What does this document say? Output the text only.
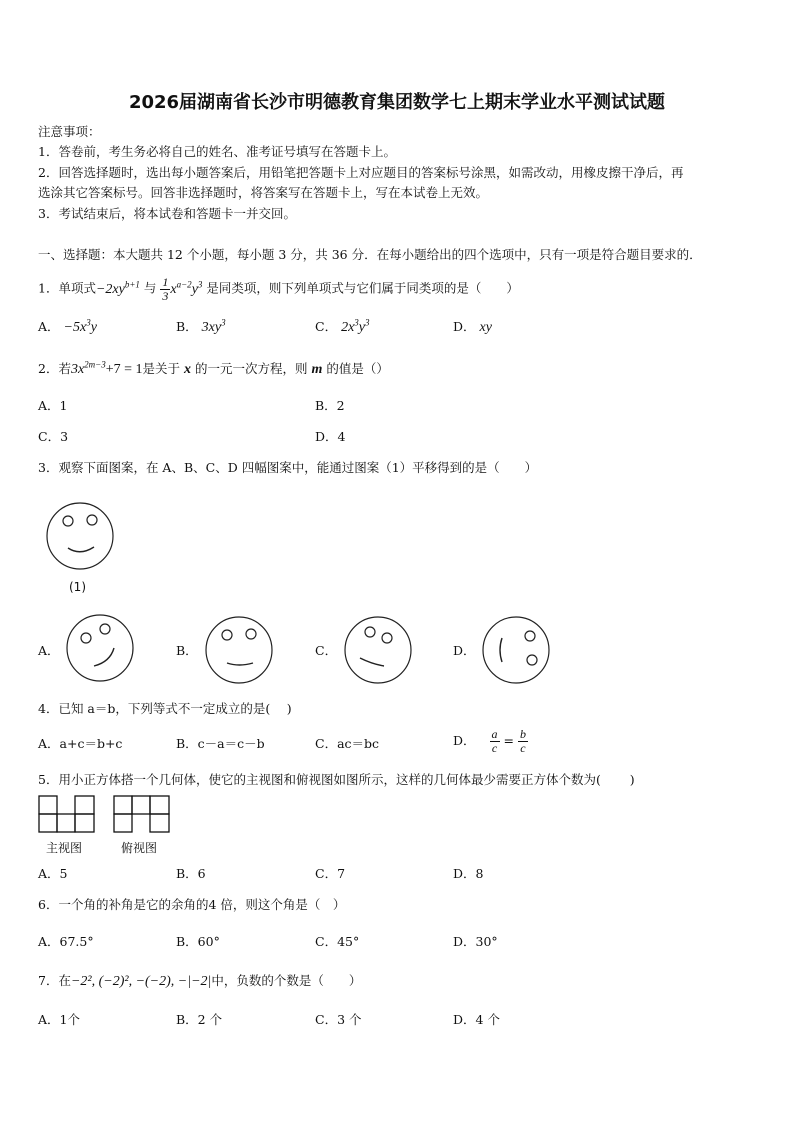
2026届湖南省长沙市明德教育集团数学七上期末学业水平测试试题
注意事项：
1．答卷前，考生务必将自己的姓名、准考证号填写在答题卡上。
2．回答选择题时，选出每小题答案后，用铅笔把答题卡上对应题目的答案标号涂黑，如需改动，用橡皮擦干净后，再
选涂其它答案标号。回答非选择题时，将答案写在答题卡上，写在本试卷上无效。
3．考试结束后，将本试卷和答题卡一并交回。
一、选择题：本大题共 12 个小题，每小题 3 分，共 36 分．在每小题给出的四个选项中，只有一项是符合题目要求的．
1．单项式$-2xy^{b+1}$ 与 $\frac{1}{3} x^{a-2}y^3$ 是同类项，则下列单项式与它们属于同类项的是（　　）
A． $-5x^3y$	B． $3xy^3$	C． $2x^3y^3$	D． xy
2．若$3x^{2m-3}+7 = 1$是关于 x 的一元一次方程，则 m 的值是（）
A．1	B．2
C．3	D．4
3．观察下面图案，在 A、B、C、D 四幅图案中，能通过图案（1）平移得到的是（　　）
(1)
A．	B．	C．	D．
4．已知 a＝b，下列等式不一定成立的是(　 )
A．a+c＝b+c	B．c－a＝c－b	C．ac＝bc	D． $\frac{a}{c} = \frac{b}{c}$
5．用小正方体搭一个几何体，使它的主视图和俯视图如图所示，这样的几何体最少需要正方体个数为(　　 )
主视图	俯视图
A．5	B．6	C．7	D．8
6．一个角的补角是它的余角的4 倍，则这个角是（　）
A．67.5°	B．60°	C．45°	D．30°
7．在−2², (−2)², −(−2), −|−2|中，负数的个数是（　　）
A．1个	B．2 个	C．3 个	D．4 个
